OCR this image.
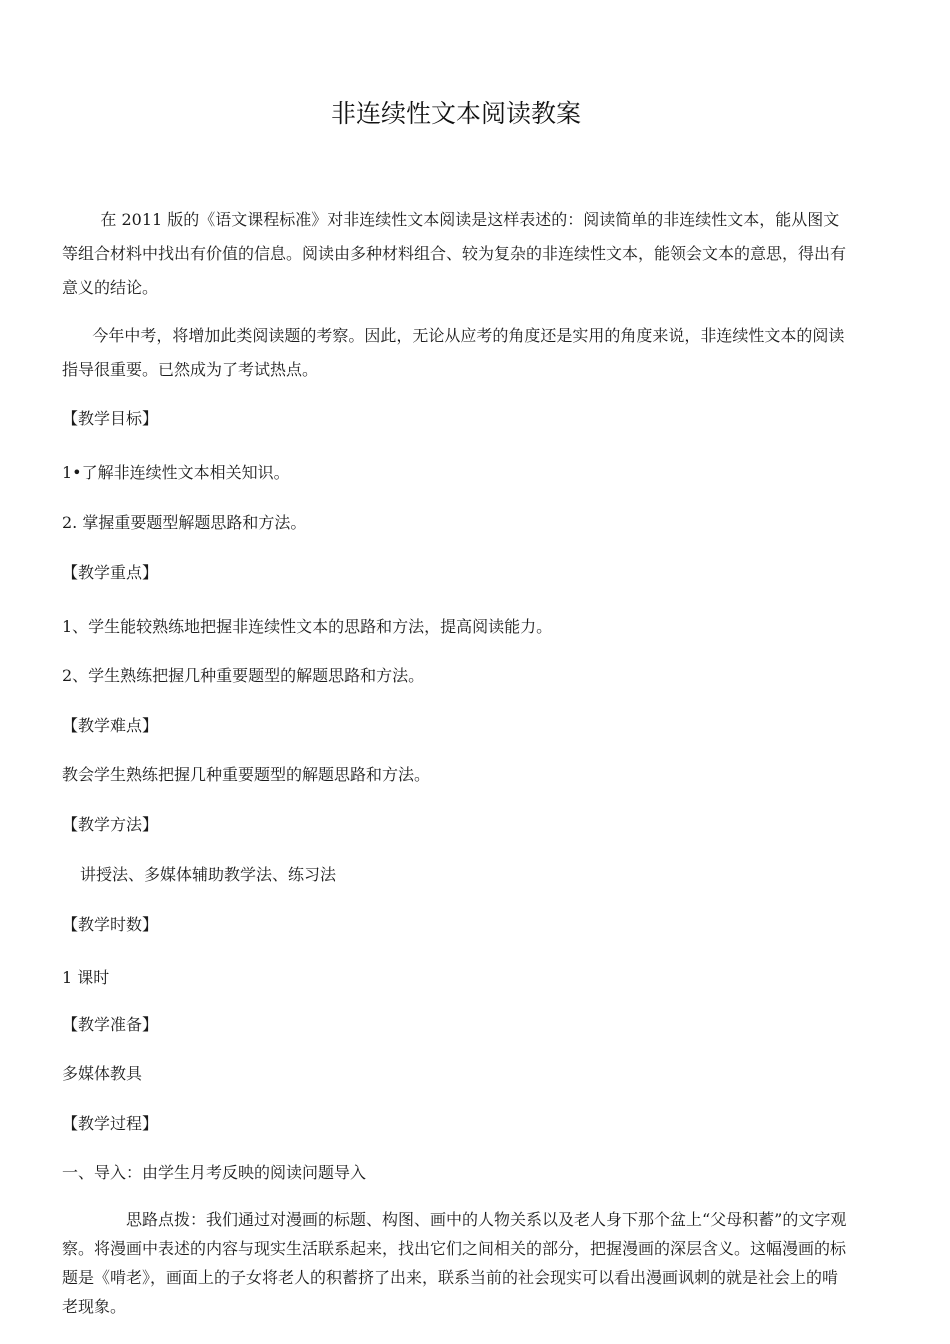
非连续性文本阅读教案
在 2011 版的《语文课程标准》对非连续性文本阅读是这样表述的：阅读简单的非连续性文本，能从图文等组合材料中找出有价值的信息。阅读由多种材料组合、较为复杂的非连续性文本，能领会文本的意思，得出有意义的结论。
今年中考，将增加此类阅读题的考察。因此，无论从应考的角度还是实用的角度来说，非连续性文本的阅读指导很重要。已然成为了考试热点。
【教学目标】
1•了解非连续性文本相关知识。
2. 掌握重要题型解题思路和方法。
【教学重点】
1、学生能较熟练地把握非连续性文本的思路和方法，提高阅读能力。
2、学生熟练把握几种重要题型的解题思路和方法。
【教学难点】
教会学生熟练把握几种重要题型的解题思路和方法。
【教学方法】
讲授法、多媒体辅助教学法、练习法
【教学时数】
1 课时
【教学准备】
多媒体教具
【教学过程】
一、导入：由学生月考反映的阅读问题导入
思路点拨：我们通过对漫画的标题、构图、画中的人物关系以及老人身下那个盆上“父母积蓄”的文字观察。将漫画中表述的内容与现实生活联系起来，找出它们之间相关的部分，把握漫画的深层含义。这幅漫画的标题是《啃老》，画面上的子女将老人的积蓄挤了出来，联系当前的社会现实可以看出漫画讽刺的就是社会上的啃老现象。
